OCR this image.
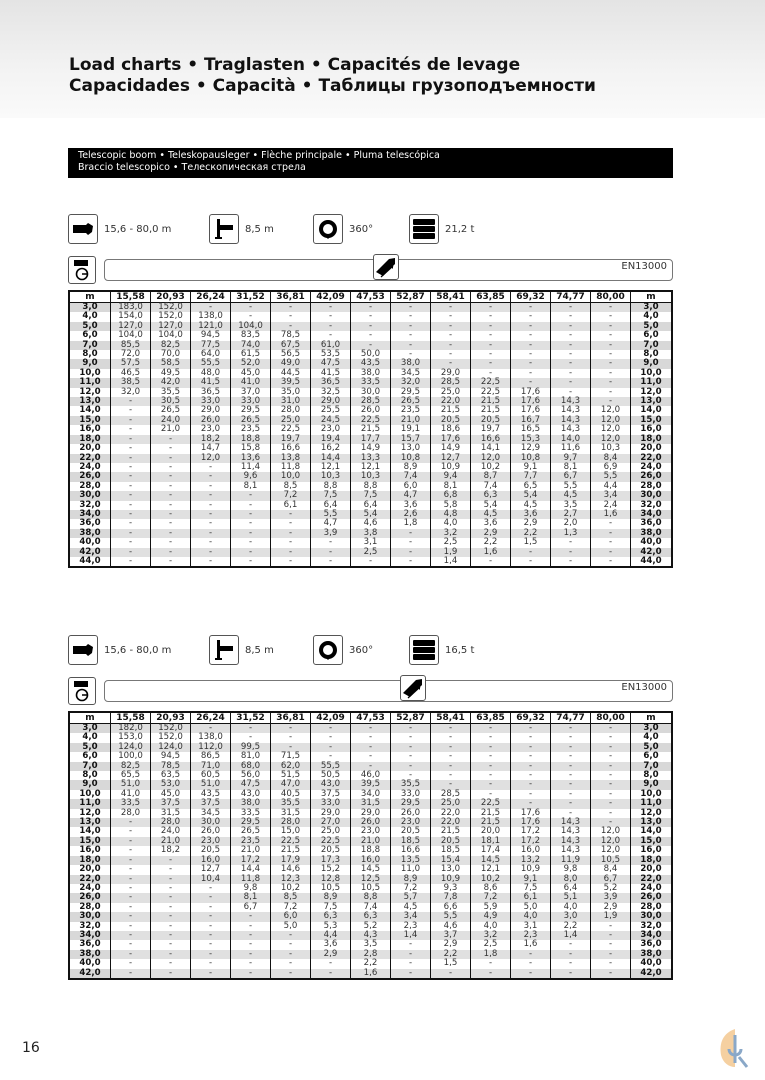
Load charts • Traglasten • Capacités de levage
Capacidades • Capacità • Таблицы грузоподъемности
Telescopic boom • Teleskopausleger • Flèche principale • Pluma telescópica
Braccio telescopico • Телескопическая стрела
15,6 - 80,0 m	8,5 m	360°	21,2 t
EN13000
m	15,58	20,93	26,24	31,52	36,81	42,09	47,53	52,87	58,41	63,85	69,32	74,77	80,00	m
3,0	183,0	152,0	-	-	-	-	-	-	-	-	-	-	-	3,0
4,0	154,0	152,0	138,0	-	-	-	-	-	-	-	-	-	-	4,0
5,0	127,0	127,0	121,0	104,0	-	-	-	-	-	-	-	-	-	5,0
6,0	104,0	104,0	94,5	83,5	78,5	-	-	-	-	-	-	-	-	6,0
7,0	85,5	82,5	77,5	74,0	67,5	61,0	-	-	-	-	-	-	-	7,0
8,0	72,0	70,0	64,0	61,5	56,5	53,5	50,0	-	-	-	-	-	-	8,0
9,0	57,5	58,5	55,5	52,0	49,0	47,5	43,5	38,0	-	-	-	-	-	9,0
10,0	46,5	49,5	48,0	45,0	44,5	41,5	38,0	34,5	29,0	-	-	-	-	10,0
11,0	38,5	42,0	41,5	41,0	39,5	36,5	33,5	32,0	28,5	22,5	-	-	-	11,0
12,0	32,0	35,5	36,5	37,0	35,0	32,5	30,0	29,5	25,0	22,5	17,6	-	-	12,0
13,0	-	30,5	33,0	33,0	31,0	29,0	28,5	26,5	22,0	21,5	17,6	14,3	-	13,0
14,0	-	26,5	29,0	29,5	28,0	25,5	26,0	23,5	21,5	21,5	17,6	14,3	12,0	14,0
15,0	-	24,0	26,0	26,5	25,0	24,5	22,5	21,0	20,5	20,5	16,7	14,3	12,0	15,0
16,0	-	21,0	23,0	23,5	22,5	23,0	21,5	19,1	18,6	19,7	16,5	14,3	12,0	16,0
18,0	-	-	18,2	18,8	19,7	19,4	17,7	15,7	17,6	16,6	15,3	14,0	12,0	18,0
20,0	-	-	14,7	15,8	16,6	16,2	14,9	13,0	14,9	14,1	12,9	11,6	10,3	20,0
22,0	-	-	12,0	13,6	13,8	14,4	13,3	10,8	12,7	12,0	10,8	9,7	8,4	22,0
24,0	-	-	-	11,4	11,8	12,1	12,1	8,9	10,9	10,2	9,1	8,1	6,9	24,0
26,0	-	-	-	9,6	10,0	10,3	10,3	7,4	9,4	8,7	7,7	6,7	5,5	26,0
28,0	-	-	-	8,1	8,5	8,8	8,8	6,0	8,1	7,4	6,5	5,5	4,4	28,0
30,0	-	-	-	-	7,2	7,5	7,5	4,7	6,8	6,3	5,4	4,5	3,4	30,0
32,0	-	-	-	-	6,1	6,4	6,4	3,6	5,8	5,4	4,5	3,5	2,4	32,0
34,0	-	-	-	-	-	5,5	5,4	2,6	4,8	4,5	3,6	2,7	1,6	34,0
36,0	-	-	-	-	-	4,7	4,6	1,8	4,0	3,6	2,9	2,0	-	36,0
38,0	-	-	-	-	-	3,9	3,8	-	3,2	2,9	2,2	1,3	-	38,0
40,0	-	-	-	-	-	-	3,1	-	2,5	2,2	1,5	-	-	40,0
42,0	-	-	-	-	-	-	2,5	-	1,9	1,6	-	-	-	42,0
44,0	-	-	-	-	-	-	-	-	1,4	-	-	-	-	44,0
15,6 - 80,0 m	8,5 m	360°	16,5 t
EN13000
m	15,58	20,93	26,24	31,52	36,81	42,09	47,53	52,87	58,41	63,85	69,32	74,77	80,00	m
3,0	182,0	152,0	-	-	-	-	-	-	-	-	-	-	-	3,0
4,0	153,0	152,0	138,0	-	-	-	-	-	-	-	-	-	-	4,0
5,0	124,0	124,0	112,0	99,5	-	-	-	-	-	-	-	-	-	5,0
6,0	100,0	94,5	86,5	81,0	71,5	-	-	-	-	-	-	-	-	6,0
7,0	82,5	78,5	71,0	68,0	62,0	55,5	-	-	-	-	-	-	-	7,0
8,0	65,5	63,5	60,5	56,0	51,5	50,5	46,0	-	-	-	-	-	-	8,0
9,0	51,0	53,0	51,0	47,5	47,0	43,0	39,5	35,5	-	-	-	-	-	9,0
10,0	41,0	45,0	43,5	43,0	40,5	37,5	34,0	33,0	28,5	-	-	-	-	10,0
11,0	33,5	37,5	37,5	38,0	35,5	33,0	31,5	29,5	25,0	22,5	-	-	-	11,0
12,0	28,0	31,5	34,5	33,5	31,5	29,0	29,0	26,0	22,0	21,5	17,6	-	-	12,0
13,0	-	28,0	30,0	29,5	28,0	27,0	26,0	23,0	22,0	21,5	17,6	14,3	-	13,0
14,0	-	24,0	26,0	26,5	15,0	25,0	23,0	20,5	21,5	20,0	17,2	14,3	12,0	14,0
15,0	-	21,0	23,0	23,5	22,5	22,5	21,0	18,5	20,5	18,1	17,2	14,3	12,0	15,0
16,0	-	18,2	20,5	21,0	21,5	20,5	18,8	16,6	18,5	17,4	16,0	14,3	12,0	16,0
18,0	-	-	16,0	17,2	17,9	17,3	16,0	13,5	15,4	14,5	13,2	11,9	10,5	18,0
20,0	-	-	12,7	14,4	14,6	15,2	14,5	11,0	13,0	12,1	10,9	9,8	8,4	20,0
22,0	-	-	10,4	11,8	12,3	12,8	12,5	8,9	10,9	10,2	9,1	8,0	6,7	22,0
24,0	-	-	-	9,8	10,2	10,5	10,5	7,2	9,3	8,6	7,5	6,4	5,2	24,0
26,0	-	-	-	8,1	8,5	8,9	8,8	5,7	7,8	7,2	6,1	5,1	3,9	26,0
28,0	-	-	-	6,7	7,2	7,5	7,4	4,5	6,6	5,9	5,0	4,0	2,9	28,0
30,0	-	-	-	-	6,0	6,3	6,3	3,4	5,5	4,9	4,0	3,0	1,9	30,0
32,0	-	-	-	-	5,0	5,3	5,2	2,3	4,6	4,0	3,1	2,2	-	32,0
34,0	-	-	-	-	-	4,4	4,3	1,4	3,7	3,2	2,3	1,4	-	34,0
36,0	-	-	-	-	-	3,6	3,5	-	2,9	2,5	1,6	-	-	36,0
38,0	-	-	-	-	-	2,9	2,8	-	2,2	1,8	-	-	-	38,0
40,0	-	-	-	-	-	-	2,2	-	1,5	-	-	-	-	40,0
42,0	-	-	-	-	-	-	1,6	-	-	-	-	-	-	42,0
16
